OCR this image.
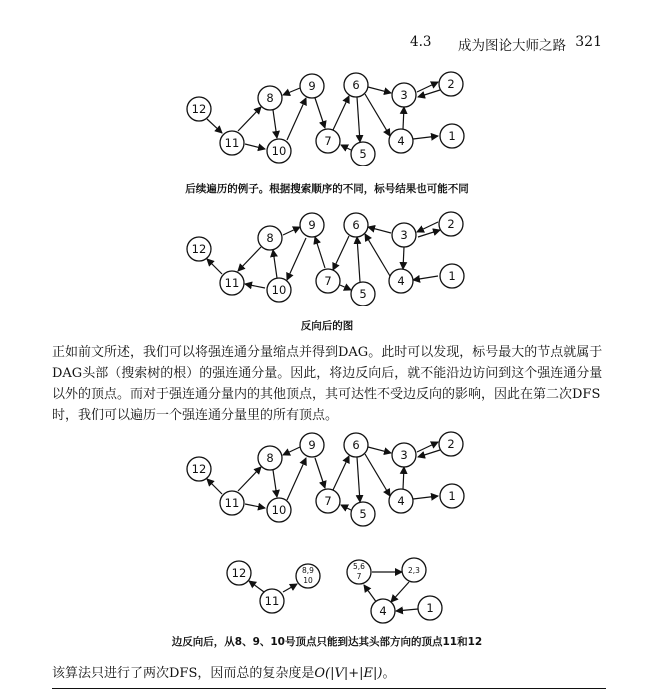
4.3 成为图论大师之路 321
12
11
8
10
9
7
6
5
3
4
2
1
后续遍历的例子。根据搜索顺序的不同，标号结果也可能不同
12
11
8
10
9
7
6
5
3
4
2
1
反向后的图

正如前文所述，我们可以将强连通分量缩点并得到DAG。此时可以发现，标号最大的节点就属于

DAG头部（搜索树的根）的强连通分量。因此，将边反向后，就不能沿边访问到这个强连通分量

以外的顶点。而对于强连通分量内的其他顶点，其可达性不受边反向的影响，因此在第二次DFS

时，我们可以遍历一个强连通分量里的所有顶点。

12
11
8
10
9
7
6
5
3
4
2
1
12
11
8,9
10
5,6
7
2,3
4	1
边反向后，从8、9、10号顶点只能到达其头部方向的顶点11和12
该算法只进行了两次DFS，因而总的复杂度是O(|V|+|E|)。
